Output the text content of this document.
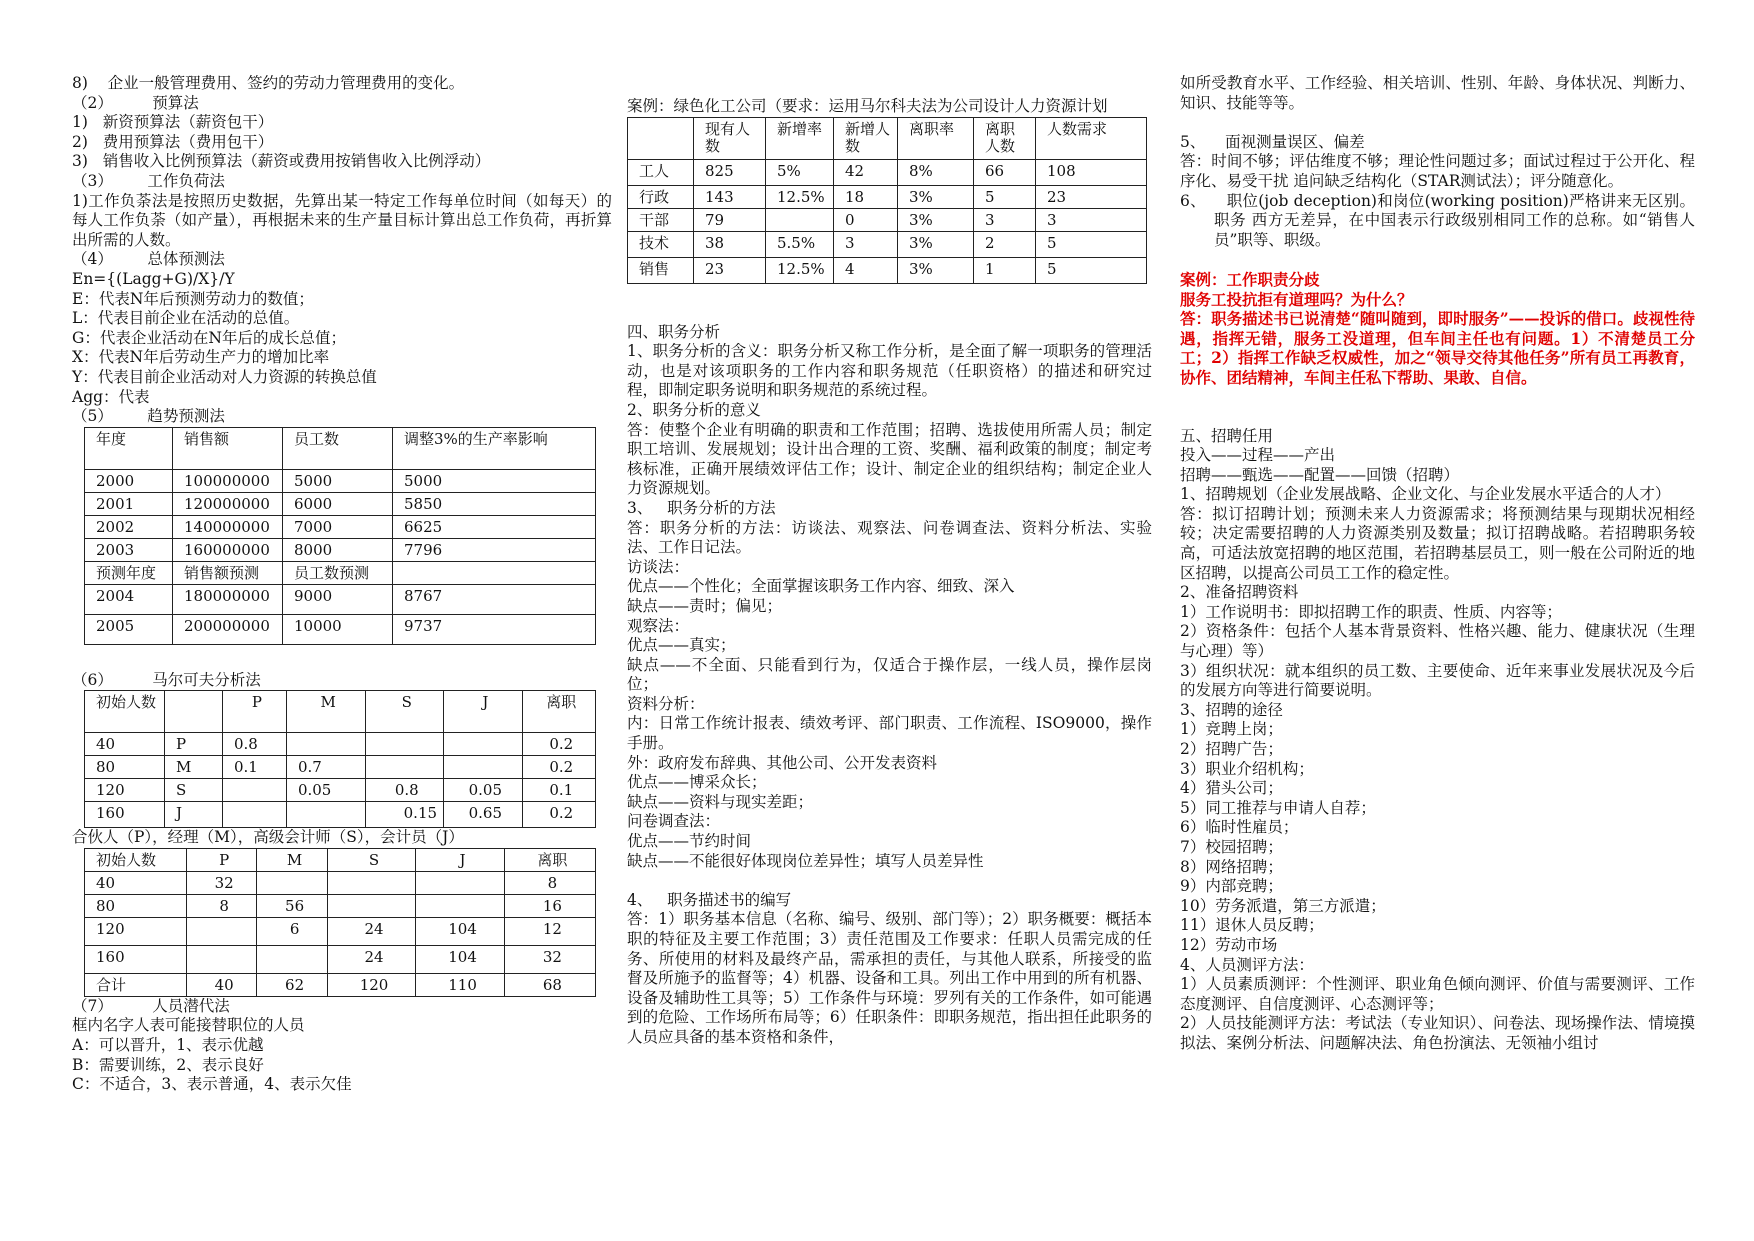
8)    企业一般管理费用、签约的劳动力管理费用的变化。

（2）        预算法

1)   新资预算法（薪资包干）

2)   费用预算法（费用包干）

3)   销售收入比例预算法（薪资或费用按销售收入比例浮动）

（3）       工作负荷法

1)工作负荼法是按照历史数据，先算出某一特定工作每单位时间（如每天）的每人工作负荼（如产量），再根据未来的生产量目标计算出总工作负荷，再折算出所需的人数。

（4）       总体预测法

En={(Lagg+G)/X}/Y

E：代表N年后预测劳动力的数值；

L：代表目前企业在活动的总值。

G：代表企业活动在N年后的成长总值；

X：代表N年后劳动生产力的增加比率

Y：代表目前企业活动对人力资源的转换总值

Agg：代表

（5）       趋势预测法

年度	销售额	员工数	调整3%的生产率影响
2000	100000000	5000	5000
2001	120000000	6000	5850
2002	140000000	7000	6625
2003	160000000	8000	7796
预测年度	销售额预测	员工数预测	
2004	180000000	9000	8767
2005	200000000	10000	9737

（6）        马尔可夫分析法

初始人数		P	M	S	J	离职
40	P	0.8				0.2
80	M	0.1	0.7			0.2
120	S		0.05	0.8	0.05	0.1
160	J			0.15	0.65	0.2

合伙人（P），经理（M），高级会计师（S），会计员（J）

初始人数	P	M	S	J	离职
40	32				8
80	8	56			16
120		6	24	104	12
160			24	104	32
合计	40	62	120	110	68

（7）        人员潜代法

框内名字人表可能接替职位的人员

A：可以晋升，1、表示优越

B：需要训练，2、表示良好

C：不适合，3、表示普通，4、表示欠佳

案例：绿色化工公司（要求：运用马尔科夫法为公司设计人力资源计划

	现有人数	新增率	新增人数	离职率	离职人数	人数需求
工人	825	5%	42	8%	66	108
行政	143	12.5%	18	3%	5	23
干部	79		0	3%	3	3
技术	38	5.5%	3	3%	2	5
销售	23	12.5%	4	3%	1	5

四、职务分析

1、职务分析的含义：职务分析又称工作分析，是全面了解一项职务的管理活动，也是对该项职务的工作内容和职务规范（任职资格）的描述和研究过程，即制定职务说明和职务规范的系统过程。

2、职务分析的意义

答：使整个企业有明确的职责和工作范围；招聘、选拔使用所需人员；制定职工培训、发展规划；设计出合理的工资、奖酬、福利政策的制度；制定考核标准，正确开展绩效评估工作；设计、制定企业的组织结构；制定企业人力资源规划。

3、   职务分析的方法

答：职务分析的方法：访谈法、观察法、问卷调查法、资料分析法、实验法、工作日记法。

访谈法：

优点——个性化；全面掌握该职务工作内容、细致、深入

缺点——责时；偏见；

观察法：

优点——真实；

缺点——不全面、只能看到行为，仅适合于操作层，一线人员，操作层岗位；

资料分析：

内：日常工作统计报表、绩效考评、部门职责、工作流程、ISO9000，操作手册。

外：政府发布辞典、其他公司、公开发表资料

优点——博采众长；

缺点——资料与现实差距；

问卷调查法：

优点——节约时间

缺点——不能很好体现岗位差异性；填写人员差异性

4、   职务描述书的编写

答：1）职务基本信息（名称、编号、级别、部门等）；2）职务概要：概括本职的特征及主要工作范围；3）责任范围及工作要求：任职人员需完成的任务、所使用的材料及最终产品，需承担的责任，与其他人联系，所接受的监督及所施予的监督等；4）机器、设备和工具。列出工作中用到的所有机器、设备及辅助性工具等；5）工作条件与环境：罗列有关的工作条件，如可能遇到的危险、工作场所布局等；6）任职条件：即职务规范，指出担任此职务的人员应具备的基本资格和条件，

如所受教育水平、工作经验、相关培训、性别、年龄、身体状况、判断力、知识、技能等等。

5、    面视测量误区、偏差

答：时间不够；评估维度不够；理论性问题过多；面试过程过于公开化、程序化、易受干扰 追问缺乏结构化（STAR测试法）；评分随意化。

6、    职位(job deception)和岗位(working position)严格讲来无区别。职务 西方无差异，在中国表示行政级别相同工作的总称。如“销售人员”职等、职级。

案例：工作职责分歧

服务工投抗拒有道理吗？为什么？

答：职务描述书已说清楚“随叫随到，即时服务”——投诉的借口。歧视性待遇，指挥无错，服务工没道理，但车间主任也有问题。1）不清楚员工分工；2）指挥工作缺乏权威性，加之“领导交待其他任务”所有员工再教育，协作、团结精神，车间主任私下帮助、果敢、自信。

五、招聘任用

投入——过程——产出

招聘——甄选——配置——回馈（招聘）

1、招聘规划（企业发展战略、企业文化、与企业发展水平适合的人才）

答：拟订招聘计划；预测未来人力资源需求；将预测结果与现期状况相经较；决定需要招聘的人力资源类别及数量；拟订招聘战略。若招聘职务较高，可适法放宽招聘的地区范围，若招聘基层员工，则一般在公司附近的地区招聘，以提高公司员工工作的稳定性。

2、准备招聘资料

1）工作说明书：即拟招聘工作的职责、性质、内容等；

2）资格条件：包括个人基本背景资料、性格兴趣、能力、健康状况（生理与心理）等）

3）组织状况：就本组织的员工数、主要使命、近年来事业发展状况及今后的发展方向等进行简要说明。

3、招聘的途径

1）竞聘上岗；

2）招聘广告；

3）职业介绍机构；

4）猎头公司；

5）同工推荐与申请人自荐；

6）临时性雇员；

7）校园招聘；

8）网络招聘；

9）内部竞聘；

10）劳务派遣，第三方派遣；

11）退休人员反聘；

12）劳动市场

4、人员测评方法：

1）人员素质测评：个性测评、职业角色倾向测评、价值与需要测评、工作态度测评、自信度测评、心态测评等；

2）人员技能测评方法：考试法（专业知识）、问卷法、现场操作法、情境摸拟法、案例分析法、问题解决法、角色扮演法、无领袖小组讨
